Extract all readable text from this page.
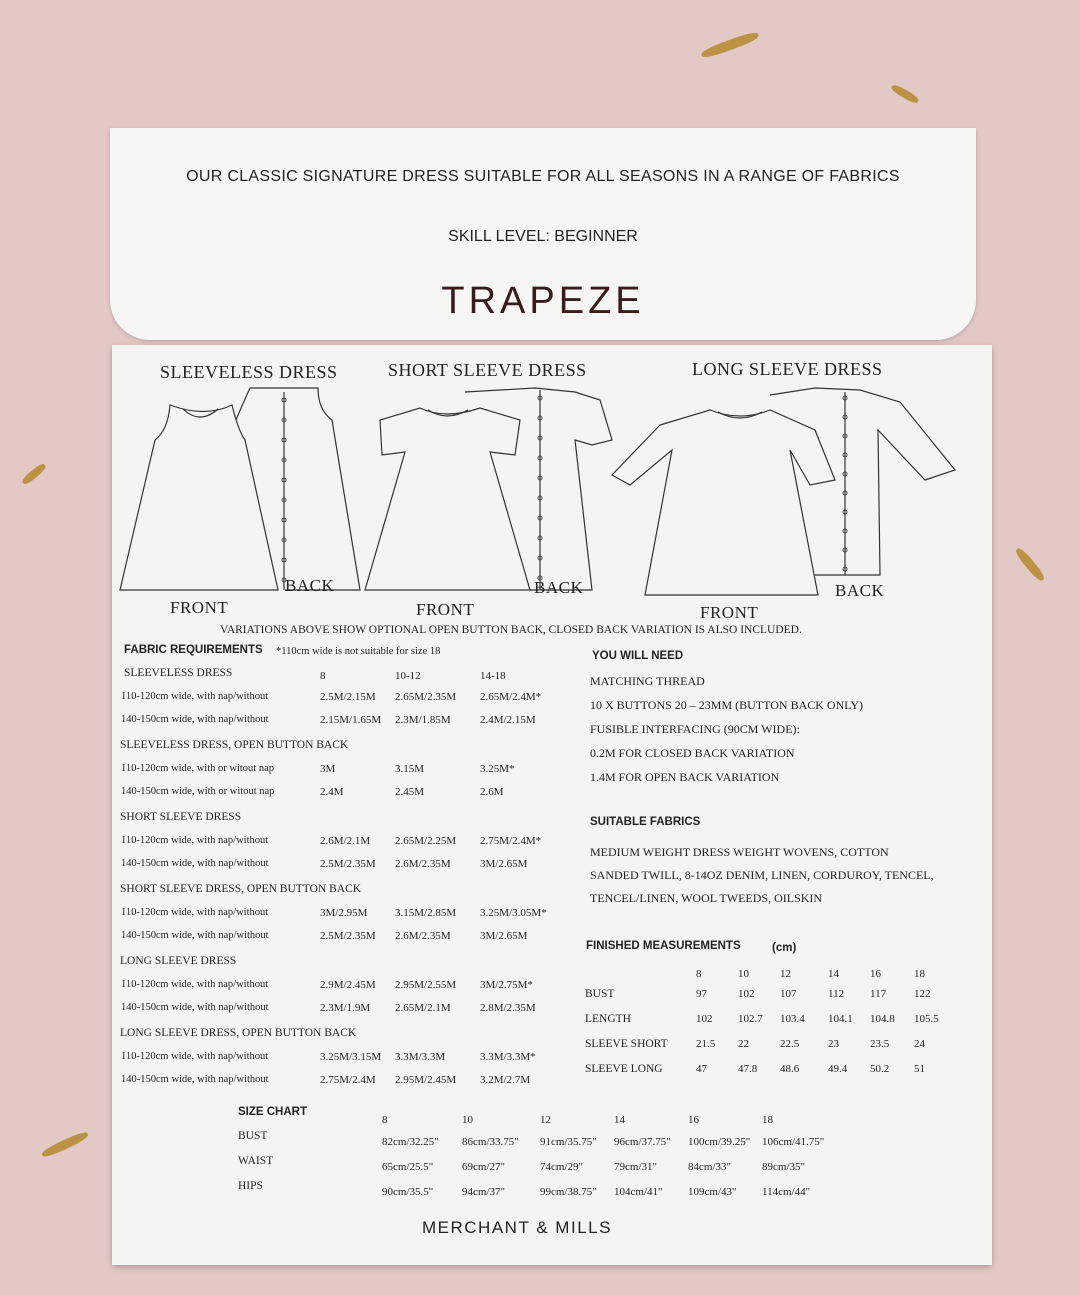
OUR CLASSIC SIGNATURE DRESS SUITABLE FOR ALL SEASONS IN A RANGE OF FABRICS
SKILL LEVEL: BEGINNER
TRAPEZE
SLEEVELESS DRESS	SHORT SLEEVE DRESS	LONG SLEEVE DRESS
BACK
FRONT
BACK
FRONT
BACK
FRONT
VARIATIONS ABOVE SHOW OPTIONAL OPEN BUTTON BACK, CLOSED BACK VARIATION IS ALSO INCLUDED.
FABRIC REQUIREMENTS *110cm wide is not suitable for size 18
8	10-12	14-18
SLEEVELESS DRESS
110-120cm wide, with nap/without	2.5M/2.15M 2.65M/2.35M 2.65M/2.4M*
140-150cm wide, with nap/without	2.15M/1.65M 2.3M/1.85M	2.4M/2.15M
SLEEVELESS DRESS, OPEN BUTTON BACK
110-120cm wide, with or witout nap	3M	3.15M	3.25M*
140-150cm wide, with or witout nap	2.4M	2.45M	2.6M
SHORT SLEEVE DRESS
110-120cm wide, with nap/without	2.6M/2.1M 2.65M/2.25M 2.75M/2.4M*
140-150cm wide, with nap/without	2.5M/2.35M 2.6M/2.35M	3M/2.65M
SHORT SLEEVE DRESS, OPEN BUTTON BACK
110-120cm wide, with nap/without	3M/2.95M	3.15M/2.85M 3.25M/3.05M*
140-150cm wide, with nap/without	2.5M/2.35M 2.6M/2.35M	3M/2.65M
LONG SLEEVE DRESS
110-120cm wide, with nap/without	2.9M/2.45M 2.95M/2.55M 3M/2.75M*
140-150cm wide, with nap/without	2.3M/1.9M 2.65M/2.1M	2.8M/2.35M
LONG SLEEVE DRESS, OPEN BUTTON BACK
110-120cm wide, with nap/without	3.25M/3.15M 3.3M/3.3M	3.3M/3.3M*
140-150cm wide, with nap/without	2.75M/2.4M 2.95M/2.45M 3.2M/2.7M
YOU WILL NEED
MATCHING THREAD
10 X BUTTONS 20 – 23MM (BUTTON BACK ONLY)
FUSIBLE INTERFACING (90CM WIDE):
0.2M FOR CLOSED BACK VARIATION
1.4M FOR OPEN BACK VARIATION
SUITABLE FABRICS
MEDIUM WEIGHT DRESS WEIGHT WOVENS, COTTON
SANDED TWILL, 8-14OZ DENIM, LINEN, CORDUROY, TENCEL,
TENCEL/LINEN, WOOL TWEEDS, OILSKIN
FINISHED MEASUREMENTS	(cm)
8	10	12	14	16	18
BUST	97	102 107	112 117	122
LENGTH	102 102.7 103.4 104.1 104.8 105.5
SLEEVE SHORT	21.5 22	22.5	23	23.5 24
SLEEVE LONG	47	47.8 48.6	49.4 50.2 51
SIZE CHART
8	10	12	14	16	18
BUST	82cm/32.25" 86cm/33.75" 91cm/35.75" 96cm/37.75" 100cm/39.25" 106cm/41.75"
WAIST	65cm/25.5"	69cm/27"	74cm/29"	79cm/31"	84cm/33"	89cm/35"
HIPS	90cm/35.5"	94cm/37"	99cm/38.75" 104cm/41" 109cm/43" 114cm/44"
MERCHANT & MILLS
